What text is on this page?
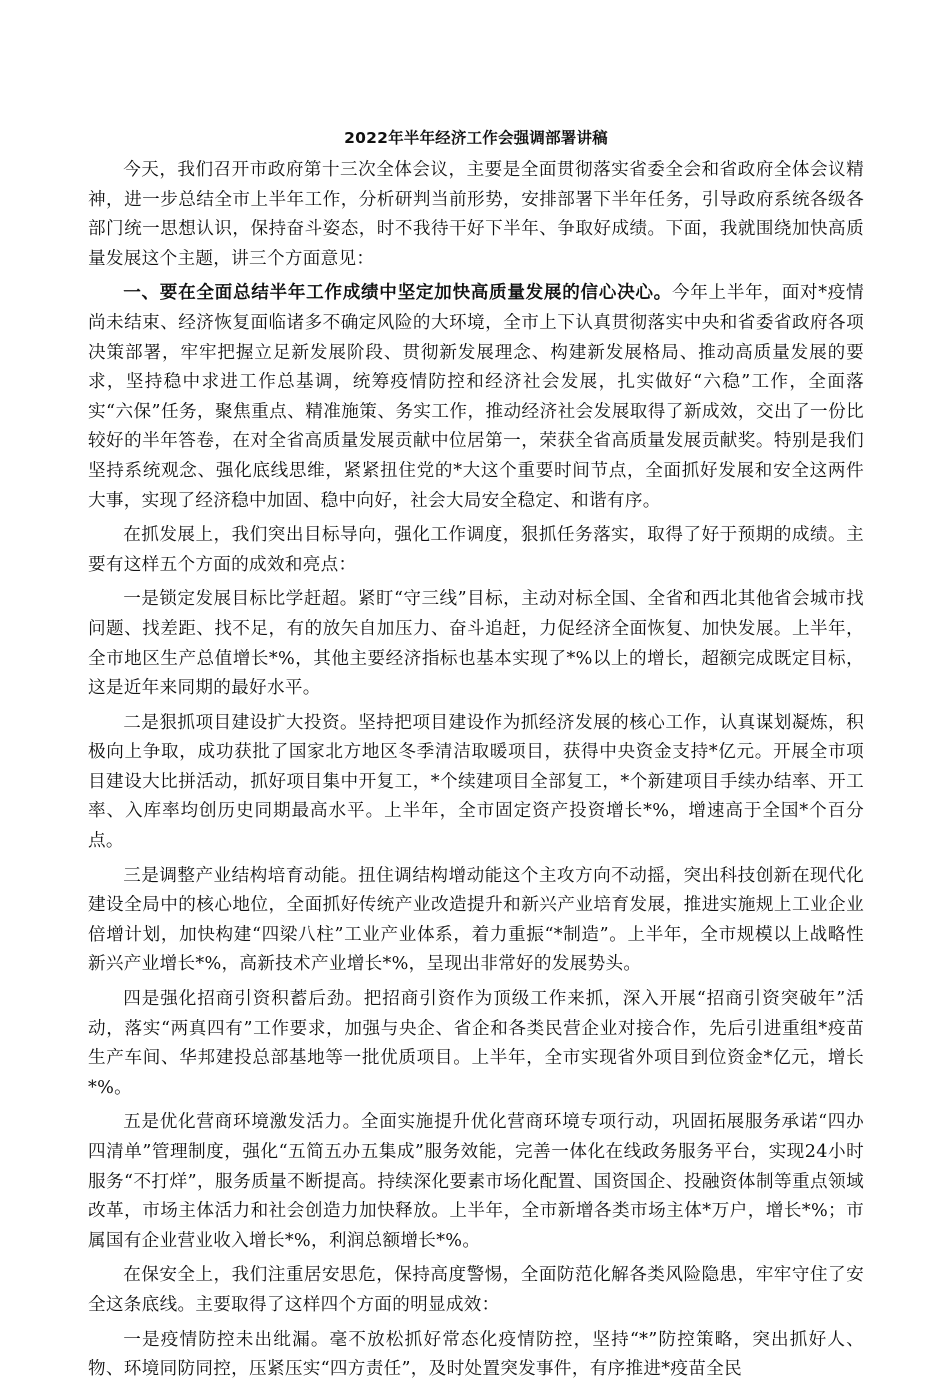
2022年半年经济工作会强调部署讲稿

今天，我们召开市政府第十三次全体会议，主要是全面贯彻落实省委全会和省政府全体会议精神，进一步总结全市上半年工作，分析研判当前形势，安排部署下半年任务，引导政府系统各级各部门统一思想认识，保持奋斗姿态，时不我待干好下半年、争取好成绩。下面，我就围绕加快高质量发展这个主题，讲三个方面意见：

一、要在全面总结半年工作成绩中坚定加快高质量发展的信心决心。今年上半年，面对*疫情尚未结束、经济恢复面临诸多不确定风险的大环境，全市上下认真贯彻落实中央和省委省政府各项决策部署，牢牢把握立足新发展阶段、贯彻新发展理念、构建新发展格局、推动高质量发展的要求，坚持稳中求进工作总基调，统筹疫情防控和经济社会发展，扎实做好“六稳”工作，全面落实“六保”任务，聚焦重点、精准施策、务实工作，推动经济社会发展取得了新成效，交出了一份比较好的半年答卷，在对全省高质量发展贡献中位居第一，荣获全省高质量发展贡献奖。特别是我们坚持系统观念、强化底线思维，紧紧扭住党的*大这个重要时间节点，全面抓好发展和安全这两件大事，实现了经济稳中加固、稳中向好，社会大局安全稳定、和谐有序。

在抓发展上，我们突出目标导向，强化工作调度，狠抓任务落实，取得了好于预期的成绩。主要有这样五个方面的成效和亮点：

一是锁定发展目标比学赶超。紧盯“守三线”目标，主动对标全国、全省和西北其他省会城市找问题、找差距、找不足，有的放矢自加压力、奋斗追赶，力促经济全面恢复、加快发展。上半年，全市地区生产总值增长*%，其他主要经济指标也基本实现了*%以上的增长，超额完成既定目标，这是近年来同期的最好水平。

二是狠抓项目建设扩大投资。坚持把项目建设作为抓经济发展的核心工作，认真谋划凝炼，积极向上争取，成功获批了国家北方地区冬季清洁取暖项目，获得中央资金支持*亿元。开展全市项目建设大比拼活动，抓好项目集中开复工，*个续建项目全部复工，*个新建项目手续办结率、开工率、入库率均创历史同期最高水平。上半年，全市固定资产投资增长*%，增速高于全国*个百分点。

三是调整产业结构培育动能。扭住调结构增动能这个主攻方向不动摇，突出科技创新在现代化建设全局中的核心地位，全面抓好传统产业改造提升和新兴产业培育发展，推进实施规上工业企业倍增计划，加快构建“四梁八柱”工业产业体系，着力重振“*制造”。上半年，全市规模以上战略性新兴产业增长*%，高新技术产业增长*%，呈现出非常好的发展势头。

四是强化招商引资积蓄后劲。把招商引资作为顶级工作来抓，深入开展“招商引资突破年”活动，落实“两真四有”工作要求，加强与央企、省企和各类民营企业对接合作，先后引进重组*疫苗生产车间、华邦建投总部基地等一批优质项目。上半年，全市实现省外项目到位资金*亿元，增长*%。

五是优化营商环境激发活力。全面实施提升优化营商环境专项行动，巩固拓展服务承诺“四办四清单”管理制度，强化“五简五办五集成”服务效能，完善一体化在线政务服务平台，实现24小时服务“不打烊”，服务质量不断提高。持续深化要素市场化配置、国资国企、投融资体制等重点领域改革，市场主体活力和社会创造力加快释放。上半年，全市新增各类市场主体*万户，增长*%；市属国有企业营业收入增长*%，利润总额增长*%。

在保安全上，我们注重居安思危，保持高度警惕，全面防范化解各类风险隐患，牢牢守住了安全这条底线。主要取得了这样四个方面的明显成效：

一是疫情防控未出纰漏。毫不放松抓好常态化疫情防控，坚持“*”防控策略，突出抓好人、物、环境同防同控，压紧压实“四方责任”，及时处置突发事件，有序推进*疫苗全民
